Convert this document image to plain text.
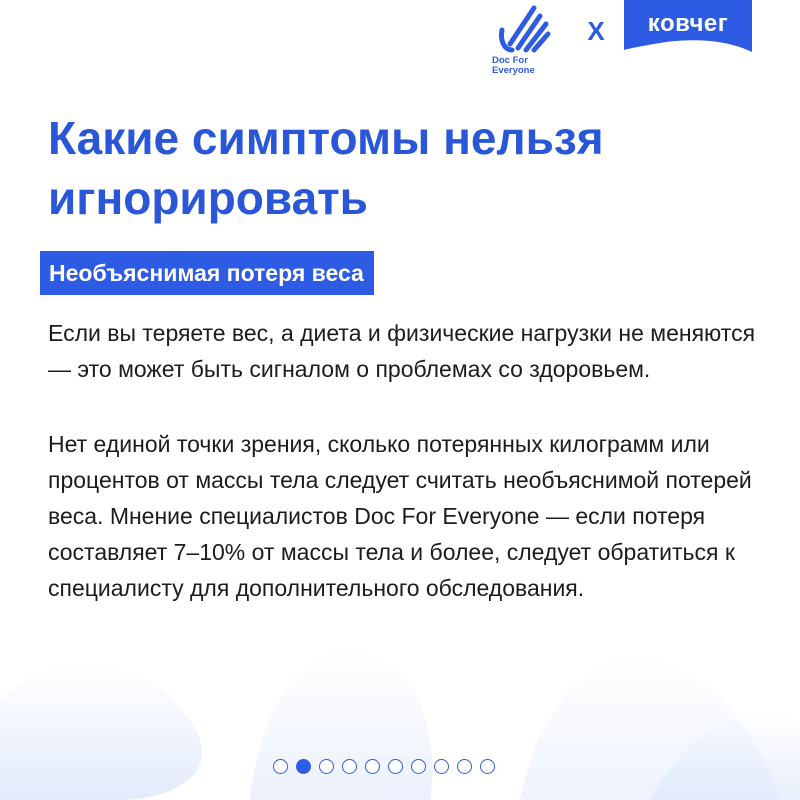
Doc For
Everyone
X	ковчег
Какие симптомы нельзя игнорировать
Необъяснимая потеря веса

Если вы теряете вес, а диета и физические нагрузки не меняются — это может быть сигналом о проблемах со здоровьем.

Нет единой точки зрения, сколько потерянных килограмм или процентов от массы тела следует считать необъяснимой потерей веса. Мнение специалистов Doc For Everyone — если потеря составляет 7–10% от массы тела и более, следует обратиться к специалисту для дополнительного обследования.
